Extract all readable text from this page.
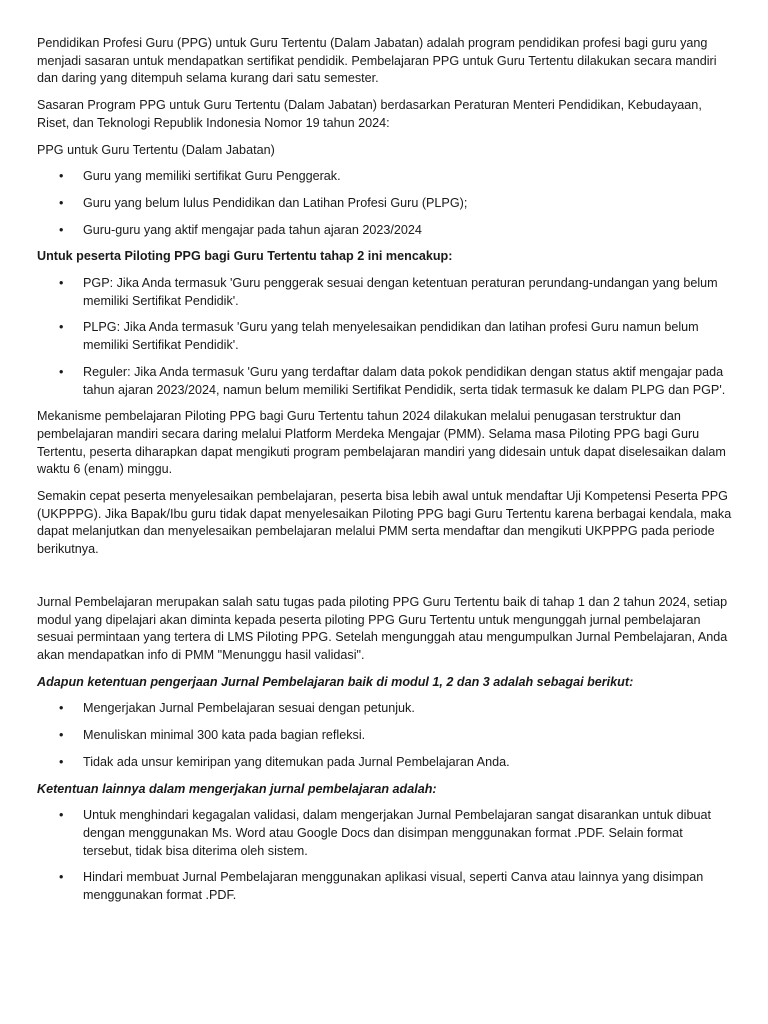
Pendidikan Profesi Guru (PPG) untuk Guru Tertentu (Dalam Jabatan) adalah program pendidikan profesi bagi guru yang menjadi sasaran untuk mendapatkan sertifikat pendidik. Pembelajaran PPG untuk Guru Tertentu dilakukan secara mandiri dan daring yang ditempuh selama kurang dari satu semester.

Sasaran Program PPG untuk Guru Tertentu (Dalam Jabatan) berdasarkan Peraturan Menteri Pendidikan, Kebudayaan, Riset, dan Teknologi Republik Indonesia Nomor 19 tahun 2024:

PPG untuk Guru Tertentu (Dalam Jabatan)

• Guru yang memiliki sertifikat Guru Penggerak.
• Guru yang belum lulus Pendidikan dan Latihan Profesi Guru (PLPG);
• Guru-guru yang aktif mengajar pada tahun ajaran 2023/2024

Untuk peserta Piloting PPG bagi Guru Tertentu tahap 2 ini mencakup:

• PGP: Jika Anda termasuk 'Guru penggerak sesuai dengan ketentuan peraturan perundang-undangan yang belum memiliki Sertifikat Pendidik'.
• PLPG: Jika Anda termasuk 'Guru yang telah menyelesaikan pendidikan dan latihan profesi Guru namun belum memiliki Sertifikat Pendidik'.
• Reguler: Jika Anda termasuk 'Guru yang terdaftar dalam data pokok pendidikan dengan status aktif mengajar pada tahun ajaran 2023/2024, namun belum memiliki Sertifikat Pendidik, serta tidak termasuk ke dalam PLPG dan PGP'.

Mekanisme pembelajaran Piloting PPG bagi Guru Tertentu tahun 2024 dilakukan melalui penugasan terstruktur dan pembelajaran mandiri secara daring melalui Platform Merdeka Mengajar (PMM). Selama masa Piloting PPG bagi Guru Tertentu, peserta diharapkan dapat mengikuti program pembelajaran mandiri yang didesain untuk dapat diselesaikan dalam waktu 6 (enam) minggu.

Semakin cepat peserta menyelesaikan pembelajaran, peserta bisa lebih awal untuk mendaftar Uji Kompetensi Peserta PPG (UKPPPG). Jika Bapak/Ibu guru tidak dapat menyelesaikan Piloting PPG bagi Guru Tertentu karena berbagai kendala, maka dapat melanjutkan dan menyelesaikan pembelajaran melalui PMM serta mendaftar dan mengikuti UKPPPG pada periode berikutnya.

Jurnal Pembelajaran merupakan salah satu tugas pada piloting PPG Guru Tertentu baik di tahap 1 dan 2 tahun 2024, setiap modul yang dipelajari akan diminta kepada peserta piloting PPG Guru Tertentu untuk mengunggah jurnal pembelajaran sesuai permintaan yang tertera di LMS Piloting PPG. Setelah mengunggah atau mengumpulkan Jurnal Pembelajaran, Anda akan mendapatkan info di PMM "Menunggu hasil validasi".

Adapun ketentuan pengerjaan Jurnal Pembelajaran baik di modul 1, 2 dan 3 adalah sebagai berikut:

• Mengerjakan Jurnal Pembelajaran sesuai dengan petunjuk.
• Menuliskan minimal 300 kata pada bagian refleksi.
• Tidak ada unsur kemiripan yang ditemukan pada Jurnal Pembelajaran Anda.

Ketentuan lainnya dalam mengerjakan jurnal pembelajaran adalah:

• Untuk menghindari kegagalan validasi, dalam mengerjakan Jurnal Pembelajaran sangat disarankan untuk dibuat dengan menggunakan Ms. Word atau Google Docs dan disimpan menggunakan format .PDF. Selain format tersebut, tidak bisa diterima oleh sistem.
• Hindari membuat Jurnal Pembelajaran menggunakan aplikasi visual, seperti Canva atau lainnya yang disimpan menggunakan format .PDF.
